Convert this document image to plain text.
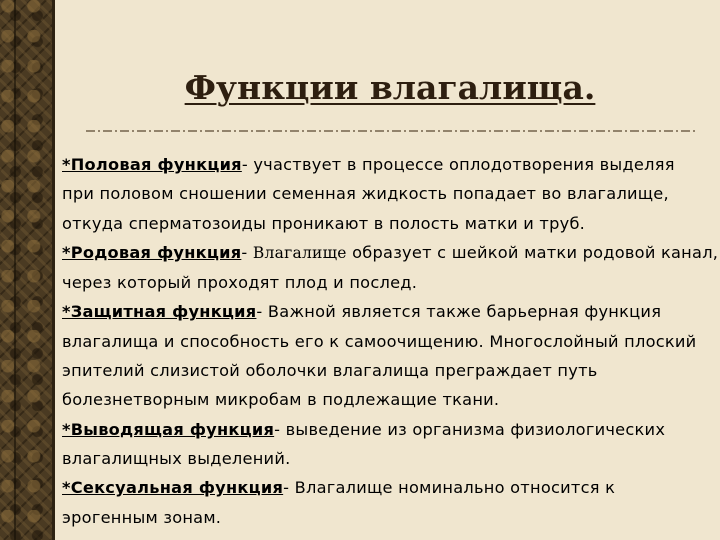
Функции влагалища.
*Половая функция- участвует в процессе оплодотворения выделяя
при половом сношении семенная жидкость попадает во влагалище,
откуда сперматозоиды проникают в полость матки и труб.
*Родовая функция- Влагалище образует с шейкой матки родовой канал,
через который проходят плод и послед.
*Защитная функция- Важной является также барьерная функция
влагалища и способность его к самоочищению. Многослойный плоский
эпителий слизистой оболочки влагалища преграждает путь
болезнетворным микробам в подлежащие ткани.
*Выводящая функция- выведение из организма физиологических
влагалищных выделений.
*Сексуальная функция- Влагалище номинально относится к
эрогенным зонам.
